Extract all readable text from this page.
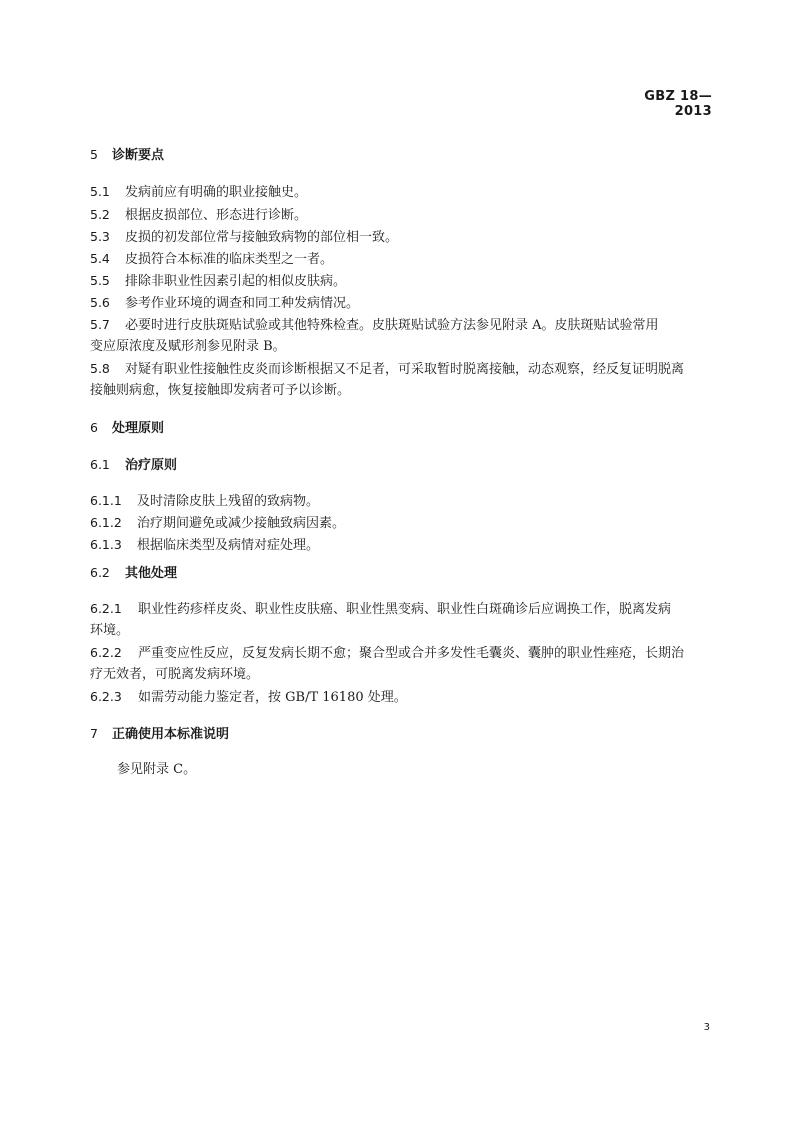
GBZ 18—2013
5 诊断要点
5.1 发病前应有明确的职业接触史。
5.2 根据皮损部位、形态进行诊断。
5.3 皮损的初发部位常与接触致病物的部位相一致。
5.4 皮损符合本标准的临床类型之一者。
5.5 排除非职业性因素引起的相似皮肤病。
5.6 参考作业环境的调查和同工种发病情况。
5.7 必要时进行皮肤斑贴试验或其他特殊检查。皮肤斑贴试验方法参见附录 A。皮肤斑贴试验常用
变应原浓度及赋形剂参见附录 B。
5.8 对疑有职业性接触性皮炎而诊断根据又不足者，可采取暂时脱离接触，动态观察，经反复证明脱离
接触则病愈，恢复接触即发病者可予以诊断。
6 处理原则
6.1 治疗原则
6.1.1 及时清除皮肤上残留的致病物。
6.1.2 治疗期间避免或减少接触致病因素。
6.1.3 根据临床类型及病情对症处理。
6.2 其他处理
6.2.1 职业性药疹样皮炎、职业性皮肤癌、职业性黑变病、职业性白斑确诊后应调换工作，脱离发病
环境。
6.2.2 严重变应性反应，反复发病长期不愈；聚合型或合并多发性毛囊炎、囊肿的职业性痤疮，长期治
疗无效者，可脱离发病环境。
6.2.3 如需劳动能力鉴定者，按 GB/T 16180 处理。
7 正确使用本标准说明
参见附录 C。
3
